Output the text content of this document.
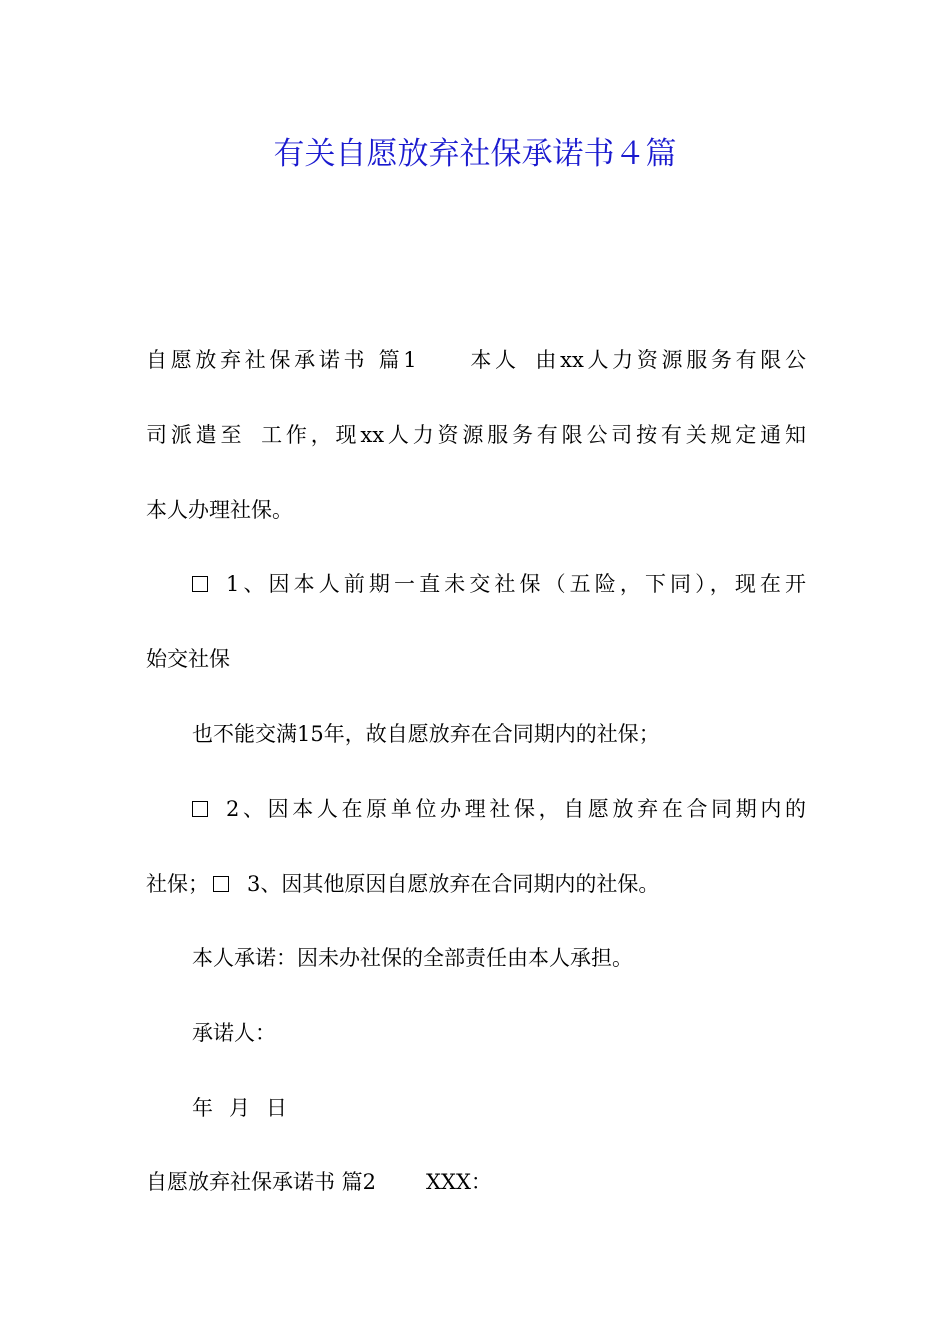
有关自愿放弃社保承诺书４篇
自愿放弃社保承诺书 篇1 本人 由xx人力资源服务有限公
司派遣至 工作，现xx人力资源服务有限公司按有关规定通知
本人办理社保。
1、因本人前期一直未交社保（五险，下同），现在开
始交社保
也不能交满15年，故自愿放弃在合同期内的社保；
2、因本人在原单位办理社保，自愿放弃在合同期内的
社保； 3、因其他原因自愿放弃在合同期内的社保。
本人承诺：因未办社保的全部责任由本人承担。
承诺人：
年 月 日
自愿放弃社保承诺书 篇2 XXX：
